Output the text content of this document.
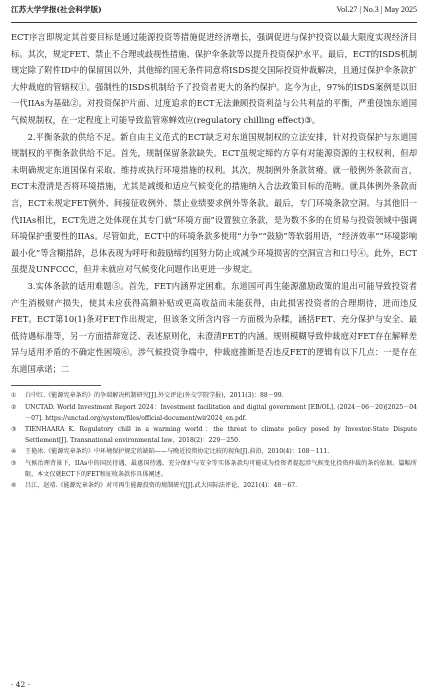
江苏大学学报(社会科学版)	Vol.27 | No.3 | May 2025

ECT序言即规定其首要目标是通过能源投资等措施促进经济增长，强调促进与保护投资以最大限度实现经济目标。其次，规定FET、禁止不合理或歧视性措施、保护伞条款等以提升投资保护水平。最后，ECT的ISDS机制规定除了附件ID中的保留国以外，其他缔约国无条件同意将ISDS提交国际投资仲裁解决，且通过保护伞条款扩大仲裁庭的管辖权①。强制性的ISDS机制给予了投资者更大的条约保护。迄今为止，97%的ISDS案例是以旧一代IIAs为基础②。对投资保护片面、过度追求的ECT无法兼顾投资利益与公共利益的平衡，严重侵蚀东道国气候规制权，在一定程度上可能导致监管寒蝉效应(regulatory chilling effect)③。

2.平衡条款的供给不足。新自由主义范式的ECT缺乏对东道国规制权的立法安排，针对投资保护与东道国规制权的平衡条款供给不足。首先，规制保留条款缺失。ECT虽规定缔约方享有对能源资源的主权权利，但却未明确规定东道国保有采取、维持或执行环境措施的权利。其次，规制例外条款贫瘠。就一般例外条款而言，ECT未澄清是否将环境措施，尤其是减缓和适应气候变化的措施纳入合法政策目标的范畴。就具体例外条款而言，ECT未规定FET例外、间接征收例外、禁止业绩要求例外等条款。最后，专门环境条款空洞。与其他旧一代IIAs相比，ECT先进之处体现在其专门就“环境方面”设置独立条款，是为数不多的在贸易与投资领域中强调环境保护重要性的IIAs。尽管如此，ECT中的环境条款多使用“力争”“鼓励”等软弱用语，“经济效率”“环境影响最小化”等含糊措辞，总体表现为呼吁和鼓励缔约国努力防止或减少环境损害的空洞宣言和口号④。此外，ECT虽提及UNFCCC，但并未就应对气候变化问题作出更进一步规定。

3.实体条款的适用难题⑤。首先，FET内涵界定困难。东道国可再生能源激励政策的退出可能导致投资者产生消极财产损失，使其未应获得高额补贴或更高收益而未能获得，由此损害投资者的合理期待，进而违反FET。ECT第10(1)条对FET作出规定，但该条文所含内容一方面极为杂糅，涵括FET、充分保护与安全、最低待遇标准等，另一方面措辞宽泛、表述原则化，未澄清FET的内涵。规则模糊导致仲裁庭对FET存在解释差异与适用矛盾的不确定性困境⑥。涉气候投资争端中，仲裁庭推断是否违反FET的逻辑有以下几点：一是存在东道国承诺；二

① 白中红.《能源宪章条约》的争端解决机制研究[J].外交评论(外交学院学报)，2011(3)：88－99.

② UNCTAD. World Investment Report 2024：Investment facilitation and digital government [EB/OL]. (2024－06－20)[2025－04－07]. https://unctad.org/system/files/official-document/wir2024_en.pdf.

③ TIENHAARA K. Regulatory chill in a warming world：the threat to climate policy posed by Investor-State Dispute Settlement[J]. Transnational environmental law，2018(2)：229－250.

④ 王艳冰.《能源宪章条约》中环境保护规定的缺陷——与晚近投资协定比较的视角[J].前沿，2010(4)：108－111.

⑤ 气候治理背景下，IIAs中的国民待遇、最惠国待遇、充分保护与安全等实体条款均可能成为投资者提起涉气候变化投资仲裁的条约依据。篇幅所限，本文仅就ECT下的FET和征收条款作具体阐述。

⑥ 吕江，赵靖.《能源宪章条约》对可再生能源投资的规制研究[J].武大国际法评论，2021(4)：48－67.

· 42 ·
